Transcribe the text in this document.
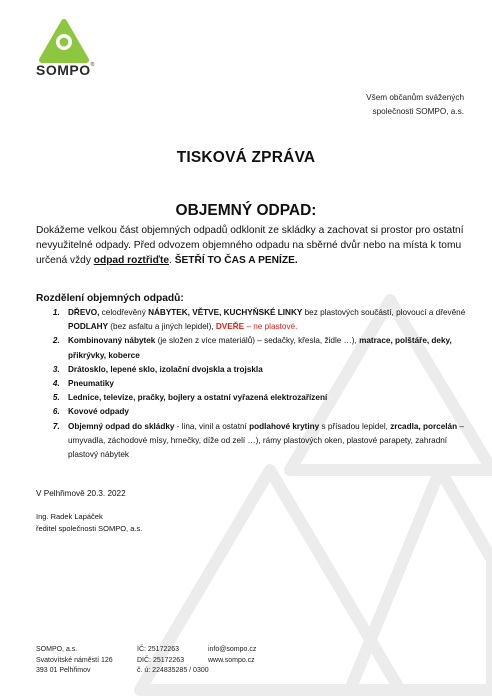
SOMPO®
Všem občanům svážených
společnosti SOMPO, a.s.
TISKOVÁ ZPRÁVA
OBJEMNÝ ODPAD:
Dokážeme velkou část objemných odpadů odklonit ze skládky a zachovat si prostor pro ostatní nevyužitelné odpady. Před odvozem objemného odpadu na sběrné dvůr nebo na místa k tomu určená vždy odpad roztřiďte. ŠETŘÍ TO ČAS A PENÍZE.
Rozdělení objemných odpadů:
1. DŘEVO, celodřevěný NÁBYTEK, VĚTVE, KUCHYŇSKÉ LINKY bez plastových součástí, plovoucí a dřevěné PODLAHY (bez asfaltu a jiných lepidel), DVEŘE – ne plastové.
2. Kombinovaný nábytek (je složen z více materiálů) – sedačky, křesla, židle …), matrace, polštáře, deky, přikrývky, koberce
3. Drátosklo, lepené sklo, izolační dvojskla a trojskla
4. Pneumatiky
5. Lednice, televize, pračky, bojlery a ostatní vyřazená elektrozařízení
6. Kovové odpady
7. Objemný odpad do skládky - lina, vinil a ostatní podlahové krytiny s přísadou lepidel, zrcadla, porcelán – umyvadla, záchodové mísy, hrnečky, díže od zelí …), rámy plastových oken, plastové parapety, zahradní plastový nábytek
V Pelhřimově 20.3. 2022
Ing. Radek Lapáček
ředitel společnosti SOMPO, a.s.
SOMPO, a.s.
Svatovítské náměstí 126
393 01 Pelhřimov
IČ: 25172263
DIČ: 25172263
č. ú: 224835285 / 0300
info@sompo.cz
www.sompo.cz
